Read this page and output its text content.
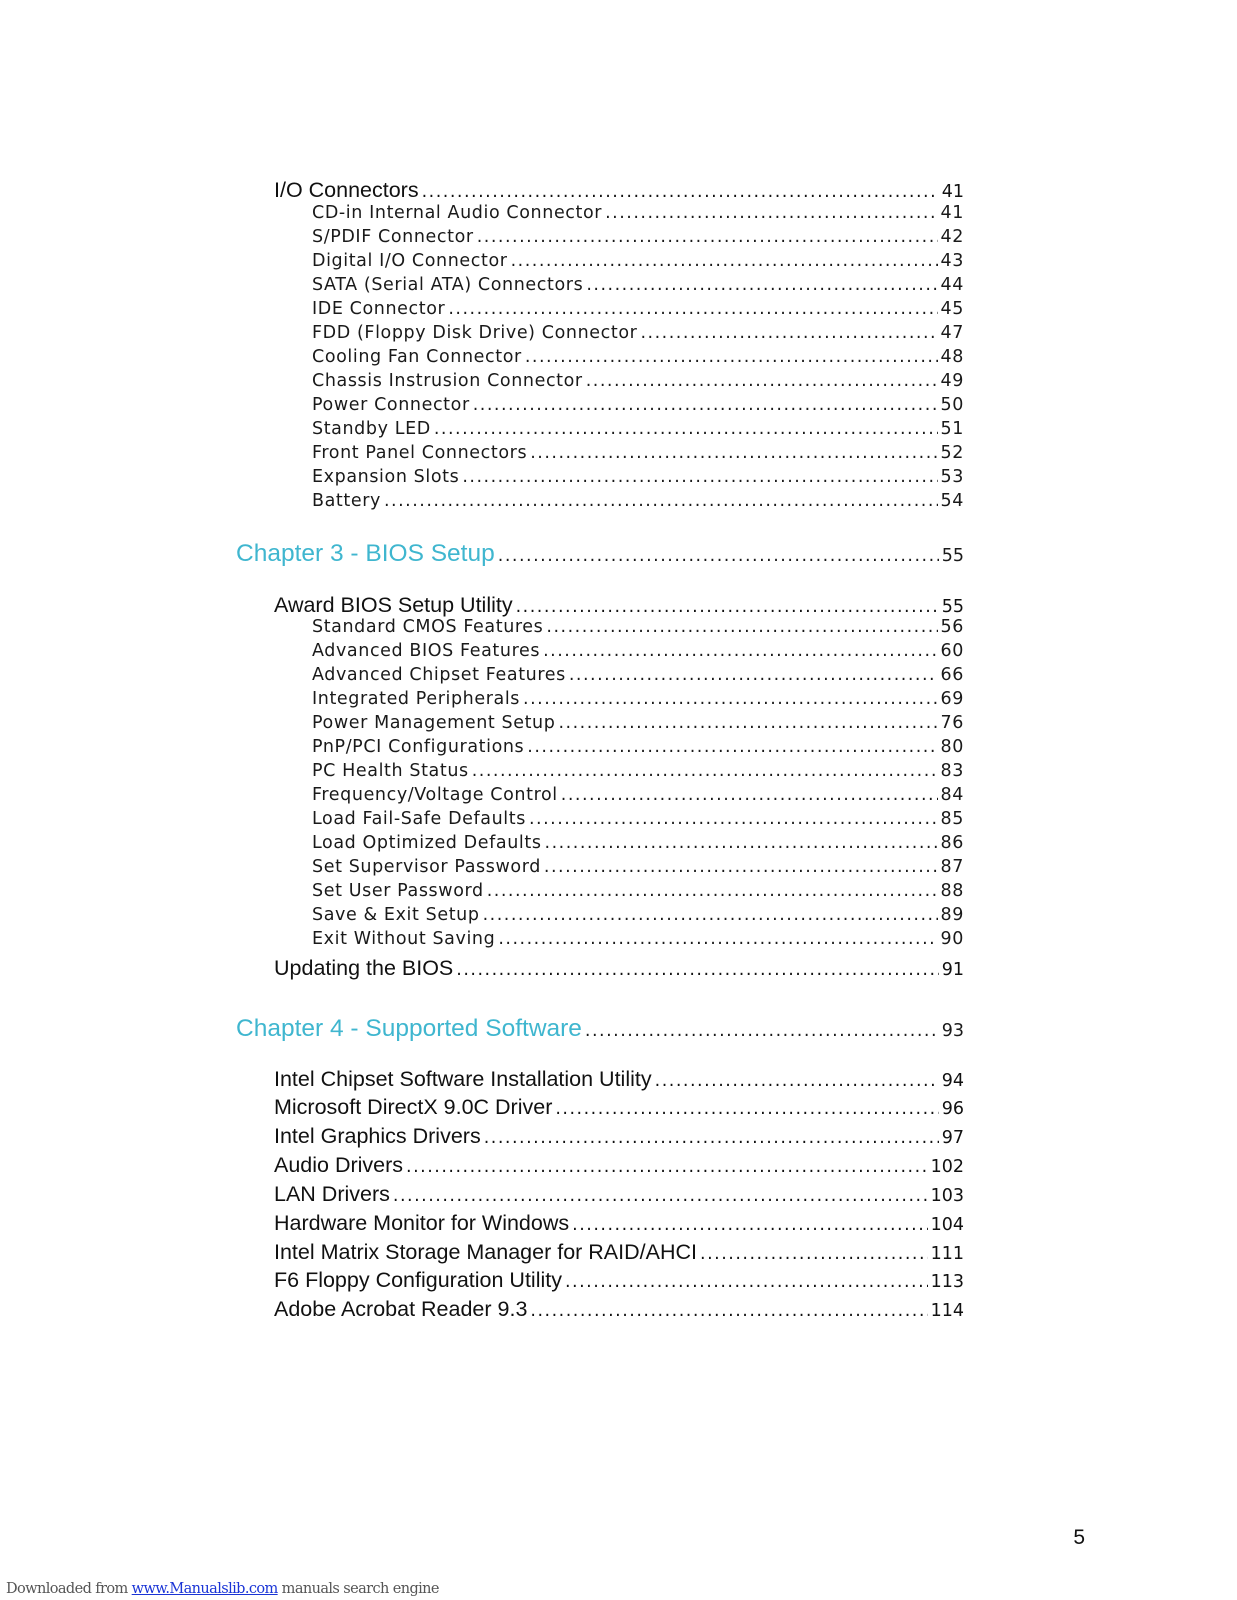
I/O Connectors .....	41
CD-in Internal Audio Connector .....	41
S/PDIF Connector .....	42
Digital I/O Connector .....	43
SATA (Serial ATA) Connectors .....	44
IDE Connector .....	45
FDD (Floppy Disk Drive) Connector .....	47
Cooling Fan Connector .....	48
Chassis Instrusion Connector .....	49
Power Connector .....	50
Standby LED .....	51
Front Panel Connectors .....	52
Expansion Slots .....	53
Battery .....	54
Chapter 3 - BIOS Setup .....	55
Award BIOS Setup Utility .....	55
Standard CMOS Features .....	56
Advanced BIOS Features .....	60
Advanced Chipset Features .....	66
Integrated Peripherals .....	69
Power Management Setup .....	76
PnP/PCI Configurations .....	80
PC Health Status .....	83
Frequency/Voltage Control .....	84
Load Fail-Safe Defaults .....	85
Load Optimized Defaults .....	86
Set Supervisor Password .....	87
Set User Password .....	88
Save & Exit Setup .....	89
Exit Without Saving .....	90
Updating the BIOS .....	91
Chapter 4 - Supported Software .....	93
Intel Chipset Software Installation Utility .....	94
Microsoft DirectX 9.0C Driver .....	96
Intel Graphics Drivers .....	97
Audio Drivers .....	102
LAN Drivers .....	103
Hardware Monitor for Windows .....	104
Intel Matrix Storage Manager for RAID/AHCI .....	111
F6 Floppy Configuration Utility .....	113
Adobe Acrobat Reader 9.3 .....	114
5
Downloaded from www.Manualslib.com manuals search engine
